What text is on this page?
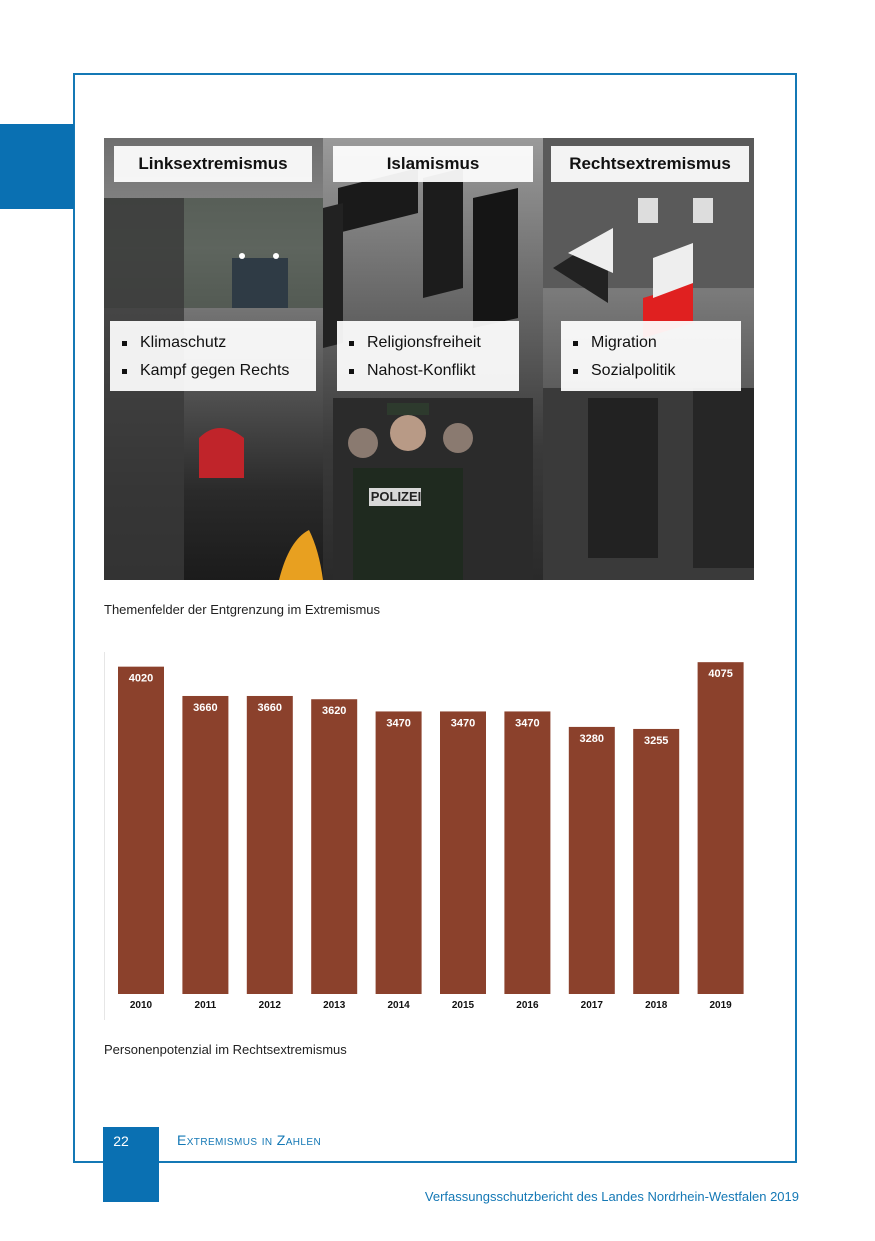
Linksextremismus
Klimaschutz
Kampf gegen Rechts
POLIZEI
Islamismus
Religionsfreiheit
Nahost-Konflikt
Rechtsextremismus
Migration
Sozialpolitik
Themenfelder der Entgrenzung im Extremismus
4020
2010
3660
2011
3660
2012
3620
2013
3470
2014
3470
2015
3470
2016
3280
2017
3255
2018
4075
2019
Personenpotenzial im Rechtsextremismus
22	Extremismus in Zahlen
Verfassungsschutzbericht des Landes Nordrhein-Westfalen 2019
